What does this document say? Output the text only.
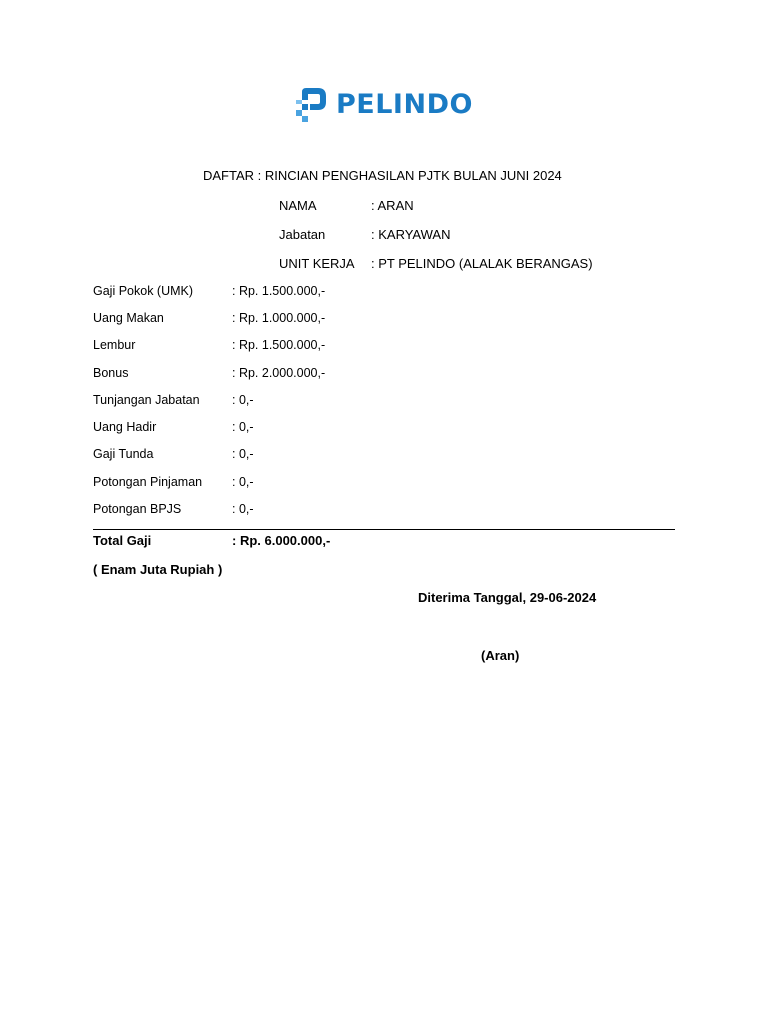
PELINDO
DAFTAR : RINCIAN PENGHASILAN PJTK BULAN JUNI 2024
NAMA	: ARAN
Jabatan	: KARYAWAN
UNIT KERJA	: PT PELINDO (ALALAK BERANGAS)
Gaji Pokok (UMK)	: Rp. 1.500.000,-
Uang Makan	: Rp. 1.000.000,-
Lembur	: Rp. 1.500.000,-
Bonus	: Rp. 2.000.000,-
Tunjangan Jabatan	: 0,-
Uang Hadir	: 0,-
Gaji Tunda	: 0,-
Potongan Pinjaman : 0,-
Potongan BPJS	: 0,-
Total Gaji	: Rp. 6.000.000,-
( Enam Juta Rupiah )
Diterima Tanggal, 29-06-2024
(Aran)
